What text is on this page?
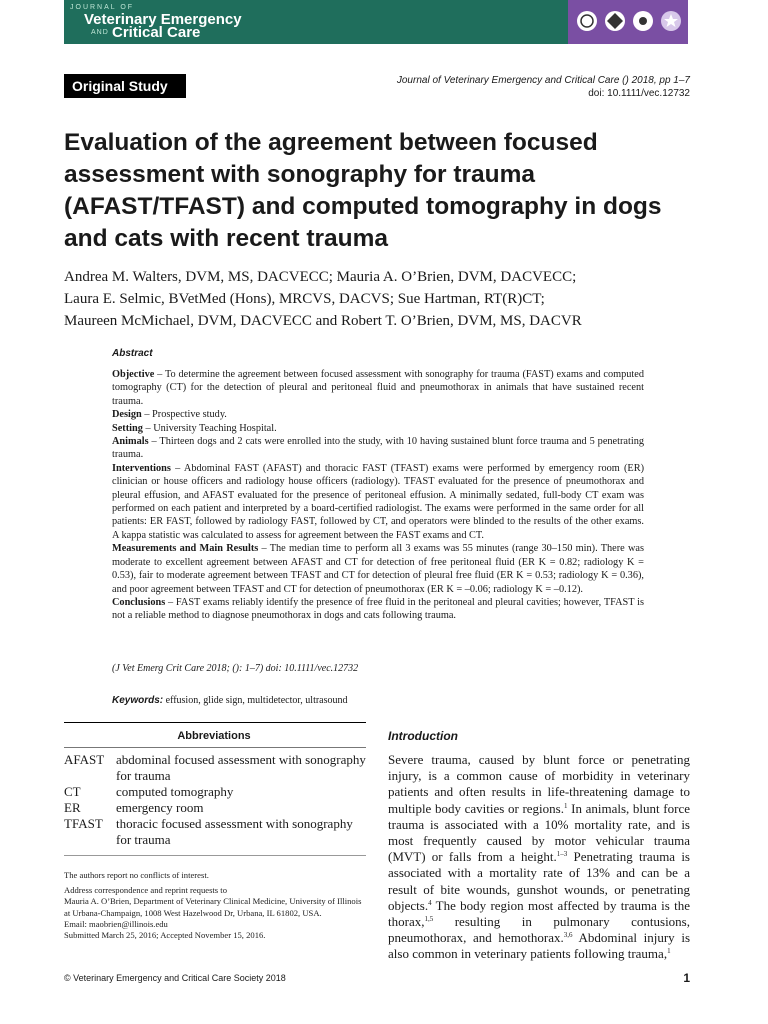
JOURNAL OF
Veterinary Emergency
AND Critical Care
Original Study	Journal of Veterinary Emergency and Critical Care () 2018, pp 1–7
doi: 10.1111/vec.12732
Evaluation of the agreement between focused assessment with sonography for trauma (AFAST/TFAST) and computed tomography in dogs and cats with recent trauma
Andrea M. Walters, DVM, MS, DACVECC; Mauria A. O’Brien, DVM, DACVECC;
Laura E. Selmic, BVetMed (Hons), MRCVS, DACVS; Sue Hartman, RT(R)CT;
Maureen McMichael, DVM, DACVECC and Robert T. O’Brien, DVM, MS, DACVR
Abstract

Objective – To determine the agreement between focused assessment with sonography for trauma (FAST) exams and computed tomography (CT) for the detection of pleural and peritoneal fluid and pneumothorax in animals that have sustained recent trauma.

Design – Prospective study.

Setting – University Teaching Hospital.

Animals – Thirteen dogs and 2 cats were enrolled into the study, with 10 having sustained blunt force trauma and 5 penetrating trauma.

Interventions – Abdominal FAST (AFAST) and thoracic FAST (TFAST) exams were performed by emergency room (ER) clinician or house officers and radiology house officers (radiology). TFAST evaluated for the presence of pneumothorax and pleural effusion, and AFAST evaluated for the presence of peritoneal effusion. A minimally sedated, full-body CT exam was performed on each patient and interpreted by a board-certified radiologist. The exams were performed in the same order for all patients: ER FAST, followed by radiology FAST, followed by CT, and operators were blinded to the results of the other exams. A kappa statistic was calculated to assess for agreement between the FAST exams and CT.

Measurements and Main Results – The median time to perform all 3 exams was 55 minutes (range 30–150 min). There was moderate to excellent agreement between AFAST and CT for detection of free peritoneal fluid (ER K = 0.82; radiology K = 0.53), fair to moderate agreement between TFAST and CT for detection of pleural free fluid (ER K = 0.53; radiology K = 0.36), and poor agreement between TFAST and CT for detection of pneumothorax (ER K = –0.06; radiology K = –0.12).

Conclusions – FAST exams reliably identify the presence of free fluid in the peritoneal and pleural cavities; however, TFAST is not a reliable method to diagnose pneumothorax in dogs and cats following trauma.

(J Vet Emerg Crit Care 2018; (): 1–7) doi: 10.1111/vec.12732
Keywords: effusion, glide sign, multidetector, ultrasound
Abbreviations
AFAST abdominal focused assessment with sonography for trauma
CT	computed tomography
ER	emergency room
TFAST	thoracic focused assessment with sonography for trauma

The authors report no conflicts of interest.

Address correspondence and reprint requests to

Mauria A. O’Brien, Department of Veterinary Clinical Medicine, University of Illinois at Urbana-Champaign, 1008 West Hazelwood Dr, Urbana, IL 61802, USA.

Email: maobrien@illinois.edu

Submitted March 25, 2016; Accepted November 15, 2016.

Introduction

Severe trauma, caused by blunt force or penetrating injury, is a common cause of morbidity in veterinary patients and often results in life-threatening damage to multiple body cavities or regions.$^1$ In animals, blunt force trauma is associated with a 10% mortality rate, and is most frequently caused by motor vehicular trauma (MVT) or falls from a height.$^{1-3}$ Penetrating trauma is associated with a mortality rate of 13% and can be a result of bite wounds, gunshot wounds, or penetrating objects.$^4$ The body region most affected by trauma is the thorax,$^{1,5}$ resulting in pulmonary contusions, pneumothorax, and hemothorax.$^{3,6}$ Abdominal injury is also common in veterinary patients following trauma,$^1$

© Veterinary Emergency and Critical Care Society 2018	1
